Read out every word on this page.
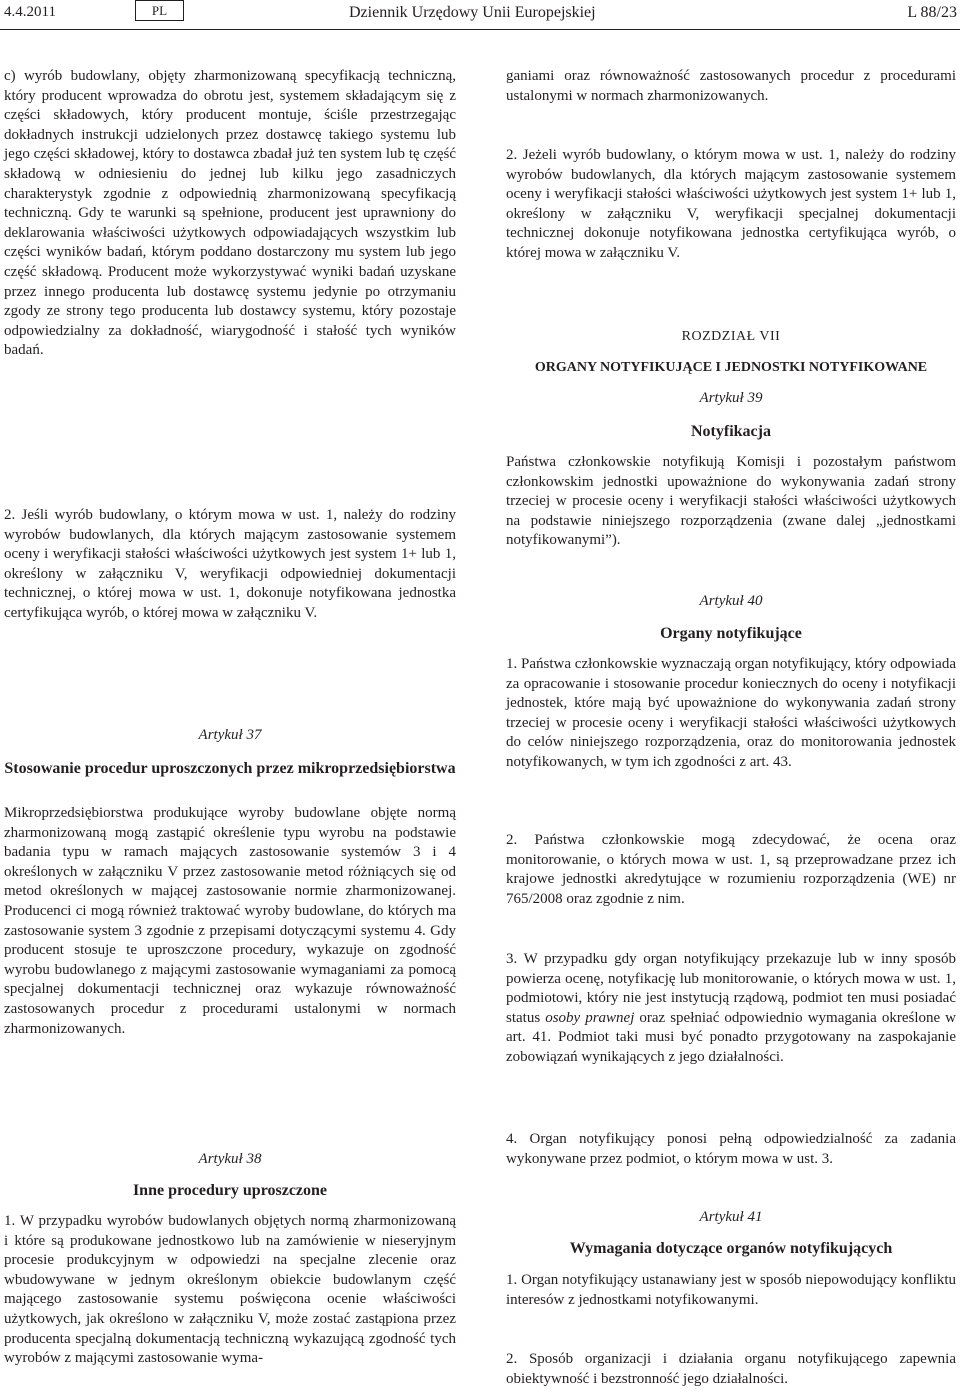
4.4.2011	PL	Dziennik Urzędowy Unii Europejskiej	L 88/23

c) wyrób budowlany, objęty zharmonizowaną specyfikacją techniczną, który producent wprowadza do obrotu jest, systemem składającym się z części składowych, który producent montuje, ściśle przestrzegając dokładnych instrukcji udzielonych przez dostawcę takiego systemu lub jego części składowej, który to dostawca zbadał już ten system lub tę część składową w odniesieniu do jednej lub kilku jego zasadniczych charakterystyk zgodnie z odpowiednią zharmonizowaną specyfikacją techniczną. Gdy te warunki są spełnione, producent jest uprawniony do deklarowania właściwości użytkowych odpowiadających wszystkim lub części wyników badań, którym poddano dostarczony mu system lub jego część składową. Producent może wykorzystywać wyniki badań uzyskane przez innego producenta lub dostawcę systemu jedynie po otrzymaniu zgody ze strony tego producenta lub dostawcy systemu, który pozostaje odpowiedzialny za dokładność, wiarygodność i stałość tych wyników badań.

2. Jeśli wyrób budowlany, o którym mowa w ust. 1, należy do rodziny wyrobów budowlanych, dla których mającym zastosowanie systemem oceny i weryfikacji stałości właściwości użytkowych jest system 1+ lub 1, określony w załączniku V, weryfikacji odpowiedniej dokumentacji technicznej, o której mowa w ust. 1, dokonuje notyfikowana jednostka certyfikująca wyrób, o której mowa w załączniku V.

Artykuł 37
Stosowanie procedur uproszczonych przez mikroprzedsiębiorstwa

Mikroprzedsiębiorstwa produkujące wyroby budowlane objęte normą zharmonizowaną mogą zastąpić określenie typu wyrobu na podstawie badania typu w ramach mających zastosowanie systemów 3 i 4 określonych w załączniku V przez zastosowanie metod różniących się od metod określonych w mającej zastosowanie normie zharmonizowanej. Producenci ci mogą również traktować wyroby budowlane, do których ma zastosowanie system 3 zgodnie z przepisami dotyczącymi systemu 4. Gdy producent stosuje te uproszczone procedury, wykazuje on zgodność wyrobu budowlanego z mającymi zastosowanie wymaganiami za pomocą specjalnej dokumentacji technicznej oraz wykazuje równoważność zastosowanych procedur z procedurami ustalonymi w normach zharmonizowanych.

Artykuł 38
Inne procedury uproszczone

1. W przypadku wyrobów budowlanych objętych normą zharmonizowaną i które są produkowane jednostkowo lub na zamówienie w nieseryjnym procesie produkcyjnym w odpowiedzi na specjalne zlecenie oraz wbudowywane w jednym określonym obiekcie budowlanym część mającego zastosowanie systemu poświęcona ocenie właściwości użytkowych, jak określono w załączniku V, może zostać zastąpiona przez producenta specjalną dokumentacją techniczną wykazującą zgodność tych wyrobów z mającymi zastosowanie wyma-

ganiami oraz równoważność zastosowanych procedur z procedurami ustalonymi w normach zharmonizowanych.

2. Jeżeli wyrób budowlany, o którym mowa w ust. 1, należy do rodziny wyrobów budowlanych, dla których mającym zastosowanie systemem oceny i weryfikacji stałości właściwości użytkowych jest system 1+ lub 1, określony w załączniku V, weryfikacji specjalnej dokumentacji technicznej dokonuje notyfikowana jednostka certyfikująca wyrób, o której mowa w załączniku V.

ROZDZIAŁ VII
ORGANY NOTYFIKUJĄCE I JEDNOSTKI NOTYFIKOWANE
Artykuł 39
Notyfikacja

Państwa członkowskie notyfikują Komisji i pozostałym państwom członkowskim jednostki upoważnione do wykonywania zadań strony trzeciej w procesie oceny i weryfikacji stałości właściwości użytkowych na podstawie niniejszego rozporządzenia (zwane dalej „jednostkami notyfikowanymi”).

Artykuł 40
Organy notyfikujące

1. Państwa członkowskie wyznaczają organ notyfikujący, który odpowiada za opracowanie i stosowanie procedur koniecznych do oceny i notyfikacji jednostek, które mają być upoważnione do wykonywania zadań strony trzeciej w procesie oceny i weryfikacji stałości właściwości użytkowych do celów niniejszego rozporządzenia, oraz do monitorowania jednostek notyfikowanych, w tym ich zgodności z art. 43.

2. Państwa członkowskie mogą zdecydować, że ocena oraz monitorowanie, o których mowa w ust. 1, są przeprowadzane przez ich krajowe jednostki akredytujące w rozumieniu rozporządzenia (WE) nr 765/2008 oraz zgodnie z nim.

3. W przypadku gdy organ notyfikujący przekazuje lub w inny sposób powierza ocenę, notyfikację lub monitorowanie, o których mowa w ust. 1, podmiotowi, który nie jest instytucją rządową, podmiot ten musi posiadać status osoby prawnej oraz spełniać odpowiednio wymagania określone w art. 41. Podmiot taki musi być ponadto przygotowany na zaspokajanie zobowiązań wynikających z jego działalności.

4. Organ notyfikujący ponosi pełną odpowiedzialność za zadania wykonywane przez podmiot, o którym mowa w ust. 3.

Artykuł 41
Wymagania dotyczące organów notyfikujących

1. Organ notyfikujący ustanawiany jest w sposób niepowodujący konfliktu interesów z jednostkami notyfikowanymi.

2. Sposób organizacji i działania organu notyfikującego zapewnia obiektywność i bezstronność jego działalności.
